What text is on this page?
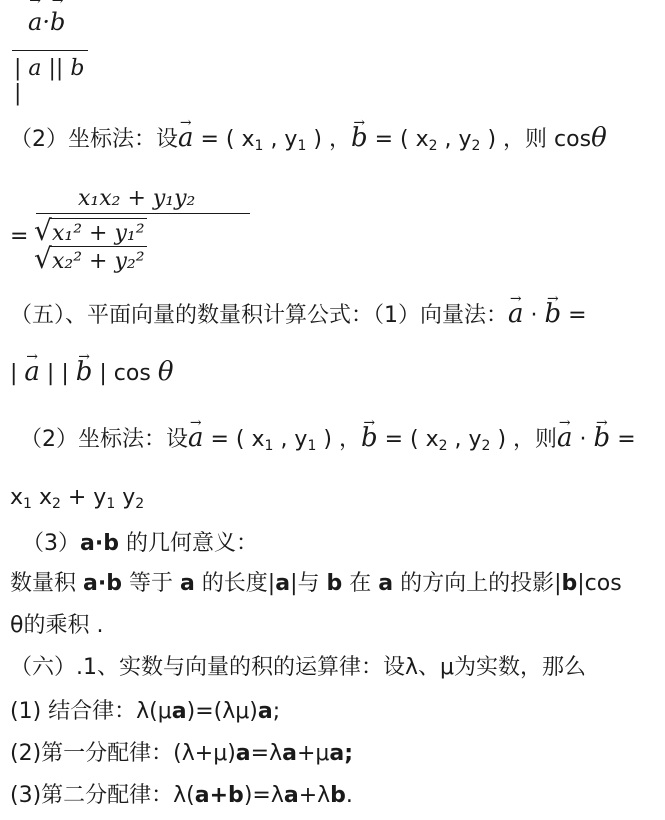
→ a·→ b
| a || b |
（2）坐标法：设→ a = ( $x_1$ , $y_1$ ) ，→ b = ( $x_2$ , $y_2$ ) ，则 cosθ
=
x₁x₂ + y₁y₂
√ x₁² + y₁²√ x₂² + y₂²
（五）、平面向量的数量积计算公式：（1）向量法：→ a · → b =
| → a | | → b | cos θ
（2）坐标法：设→ a = ( $x_1$ , $y_1$ ) ，→ b = ( $x_2$ , $y_2$ ) ，则→ a · → b =
$x_1$ $x_2 + y_1$ $y_2$
（3）a·b 的几何意义：
数量积 a·b 等于 a 的长度|a|与 b 在 a 的方向上的投影|b|cos
θ的乘积 .
（六）.1、实数与向量的积的运算律：设λ、μ为实数，那么
(1) 结合律：λ(μa)=(λμ)a;
(2)第一分配律：(λ+μ)a=λa+μa;
(3)第二分配律：λ(a+b)=λa+λb.
